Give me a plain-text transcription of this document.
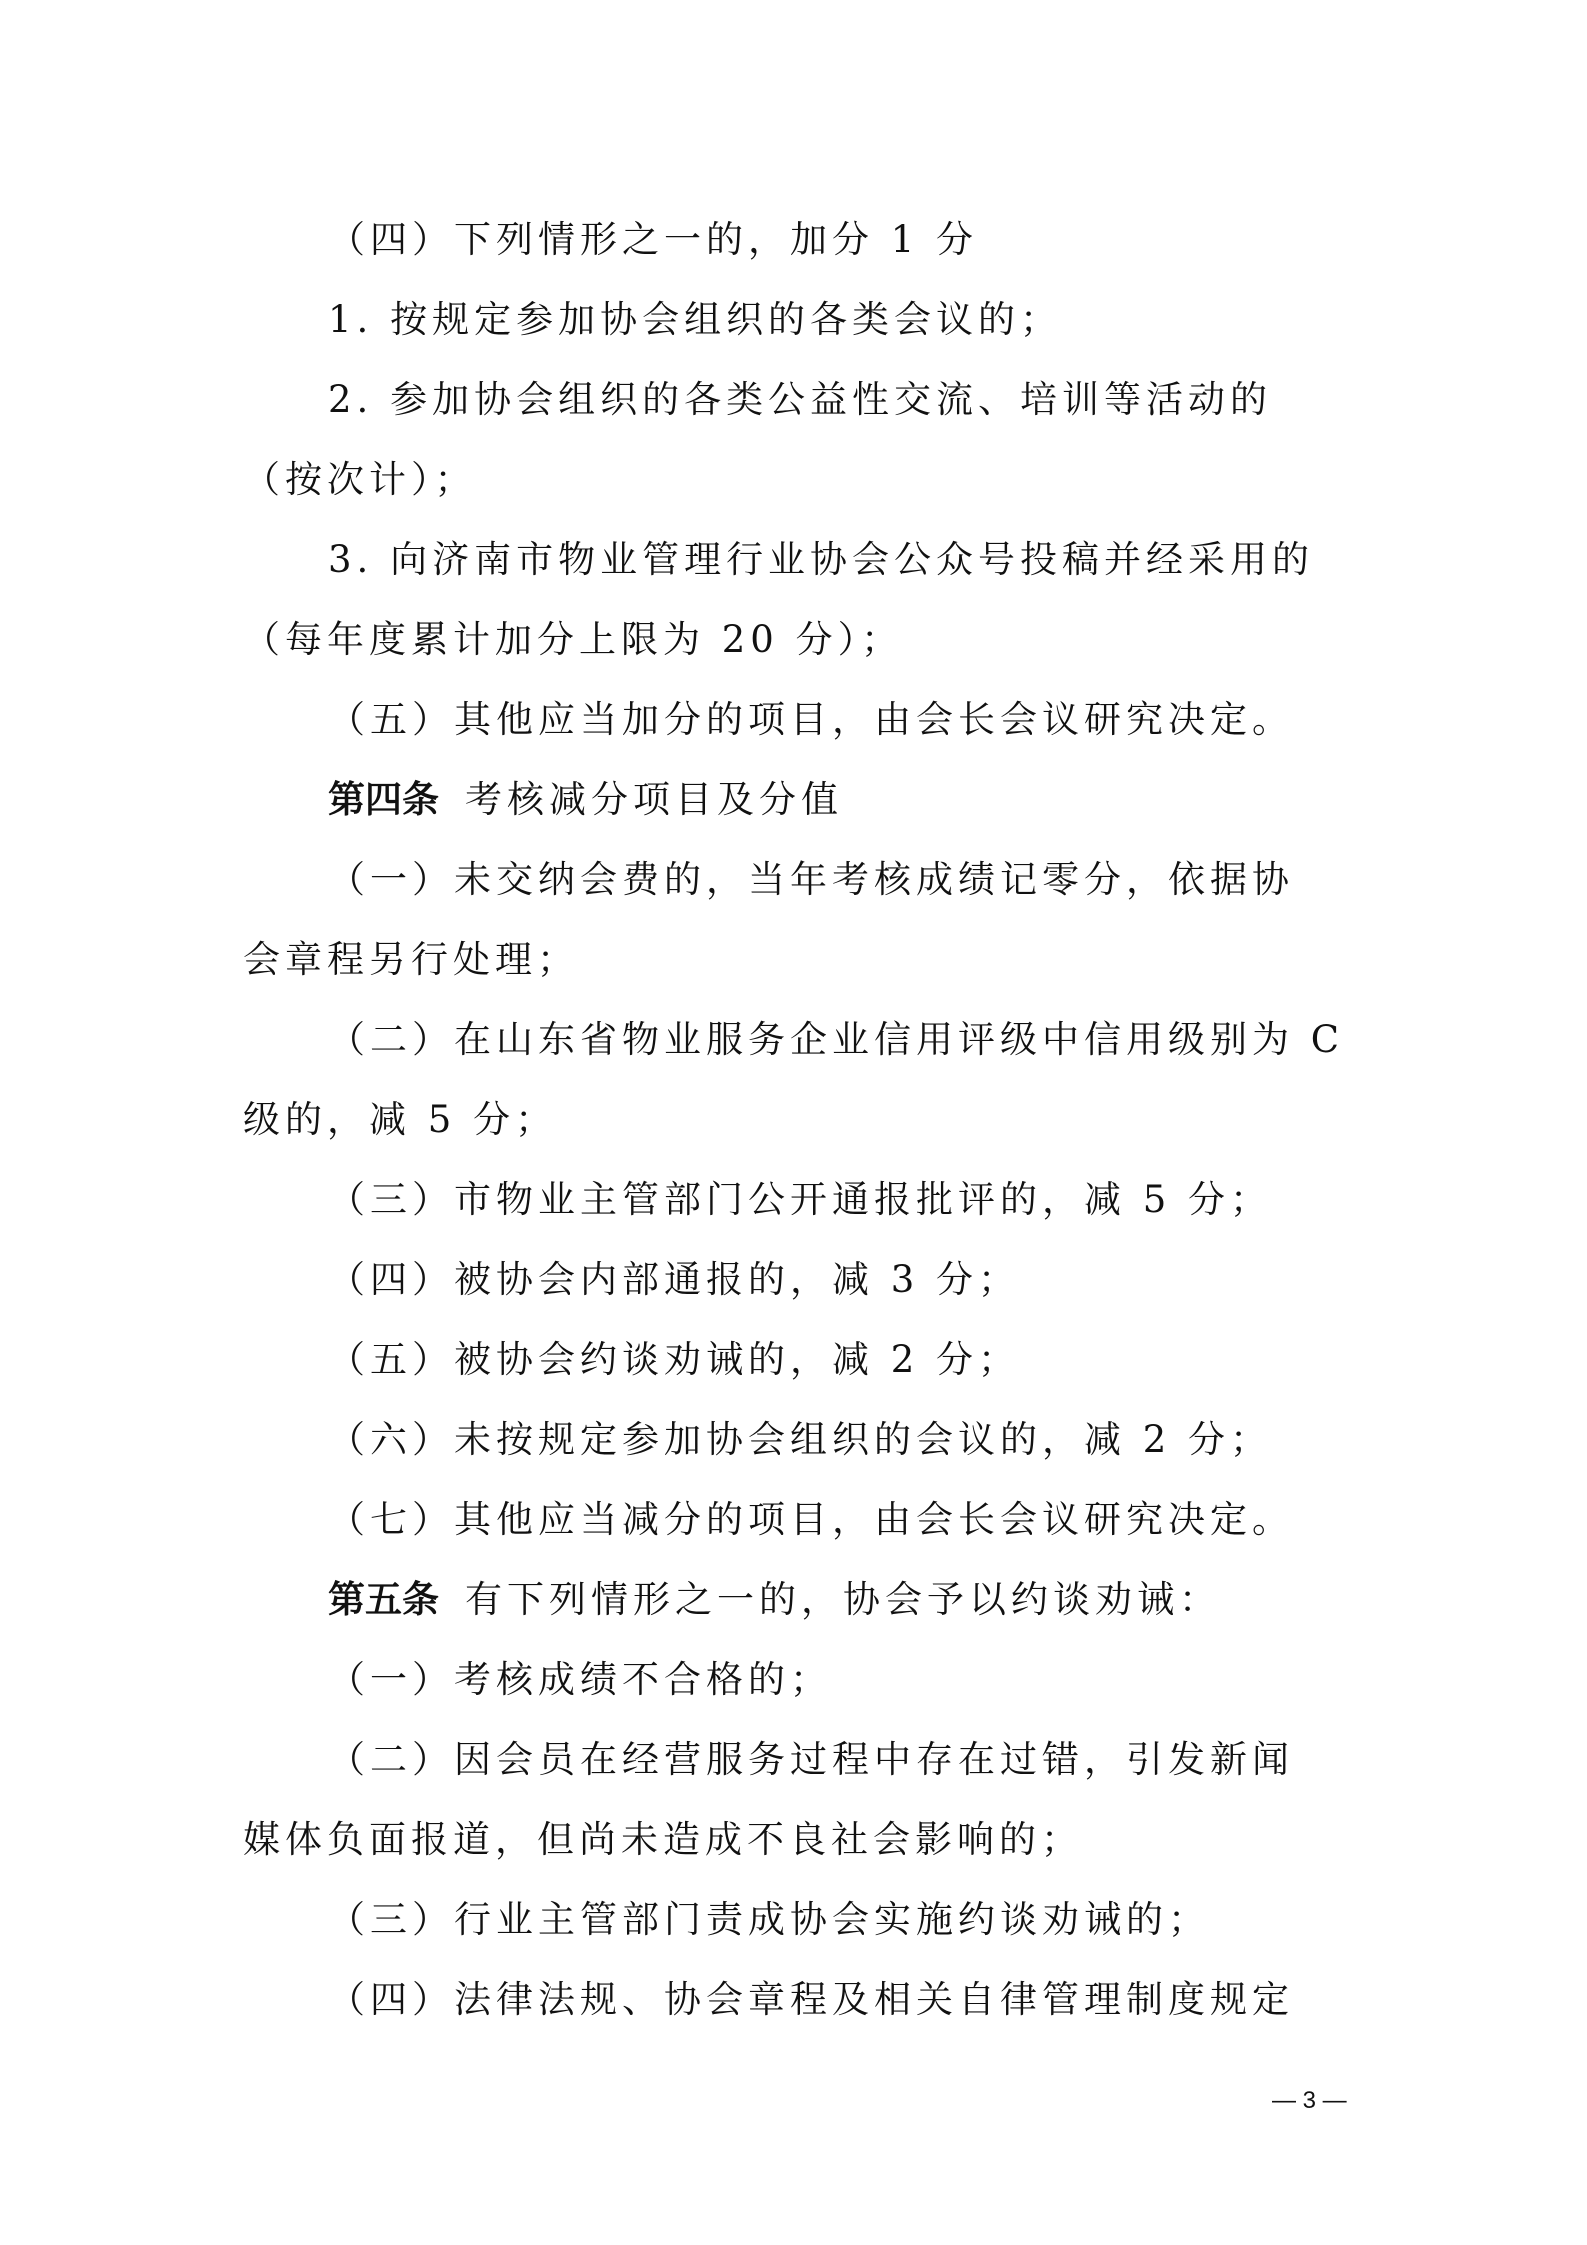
（四）下列情形之一的，加分 1 分
1. 按规定参加协会组织的各类会议的；
2. 参加协会组织的各类公益性交流、培训等活动的
（按次计）；
3. 向济南市物业管理行业协会公众号投稿并经采用的
（每年度累计加分上限为 20 分）；
（五）其他应当加分的项目，由会长会议研究决定。
第四条 考核减分项目及分值
（一）未交纳会费的，当年考核成绩记零分，依据协
会章程另行处理；
（二）在山东省物业服务企业信用评级中信用级别为 C
级的，减 5 分；
（三）市物业主管部门公开通报批评的，减 5 分；
（四）被协会内部通报的，减 3 分；
（五）被协会约谈劝诫的，减 2 分；
（六）未按规定参加协会组织的会议的，减 2 分；
（七）其他应当减分的项目，由会长会议研究决定。
第五条 有下列情形之一的，协会予以约谈劝诫：
（一）考核成绩不合格的；
（二）因会员在经营服务过程中存在过错，引发新闻
媒体负面报道，但尚未造成不良社会影响的；
（三）行业主管部门责成协会实施约谈劝诫的；
（四）法律法规、协会章程及相关自律管理制度规定
— 3 —
